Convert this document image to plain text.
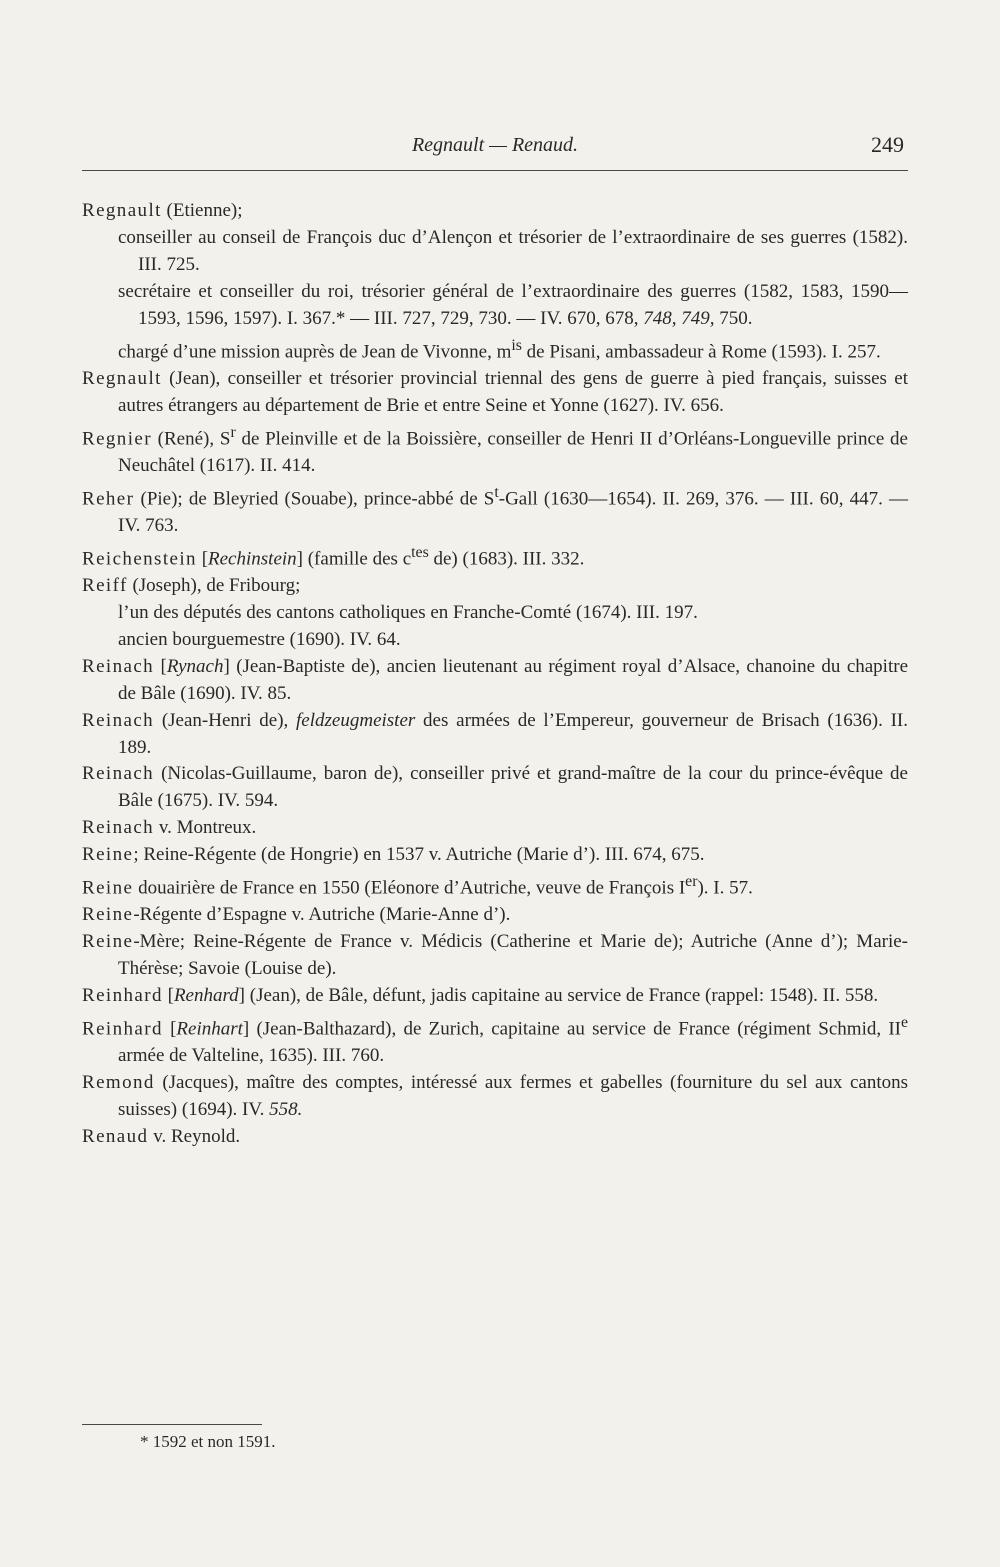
Regnault — Renaud.	249

Regnault (Etienne);

conseiller au conseil de François duc d’Alençon et trésorier de l’extraordinaire de ses guerres (1582). III. 725.

secrétaire et conseiller du roi, trésorier général de l’extraordinaire des guerres (1582, 1583, 1590—1593, 1596, 1597). I. 367.* — III. 727, 729, 730. — IV. 670, 678, 748, 749, 750.

chargé d’une mission auprès de Jean de Vivonne, $m^{is}$ de Pisani, ambassadeur à Rome (1593). I. 257.

Regnault (Jean), conseiller et trésorier provincial triennal des gens de guerre à pied français, suisses et autres étrangers au département de Brie et entre Seine et Yonne (1627). IV. 656.

Regnier (René), $S^r$ de Pleinville et de la Boissière, conseiller de Henri II d’Orléans-Longueville prince de Neuchâtel (1617). II. 414.

Reher (Pie); de Bleyried (Souabe), prince-abbé de $S^t$-Gall (1630—1654). II. 269, 376. — III. 60, 447. — IV. 763.

Reichenstein [Rechinstein] (famille des $c^{tes}$ de) (1683). III. 332.

Reiff (Joseph), de Fribourg;

l’un des députés des cantons catholiques en Franche-Comté (1674). III. 197.

ancien bourguemestre (1690). IV. 64.

Reinach [Rynach] (Jean-Baptiste de), ancien lieutenant au régiment royal d’Alsace, chanoine du chapitre de Bâle (1690). IV. 85.

Reinach (Jean-Henri de), feldzeugmeister des armées de l’Empereur, gouverneur de Brisach (1636). II. 189.

Reinach (Nicolas-Guillaume, baron de), conseiller privé et grand-maître de la cour du prince-évêque de Bâle (1675). IV. 594.

Reinach v. Montreux.

Reine; Reine-Régente (de Hongrie) en 1537 v. Autriche (Marie d’). III. 674, 675.

Reine douairière de France en 1550 (Eléonore d’Autriche, veuve de François Ier). I. 57.

Reine-Régente d’Espagne v. Autriche (Marie-Anne d’).

Reine-Mère; Reine-Régente de France v. Médicis (Catherine et Marie de); Autriche (Anne d’); Marie-Thérèse; Savoie (Louise de).

Reinhard [Renhard] (Jean), de Bâle, défunt, jadis capitaine au service de France (rappel: 1548). II. 558.

Reinhard [Reinhart] (Jean-Balthazard), de Zurich, capitaine au service de France (régiment Schmid, IIe armée de Valteline, 1635). III. 760.

Remond (Jacques), maître des comptes, intéressé aux fermes et gabelles (fourniture du sel aux cantons suisses) (1694). IV. 558.

Renaud v. Reynold.

* 1592 et non 1591.
